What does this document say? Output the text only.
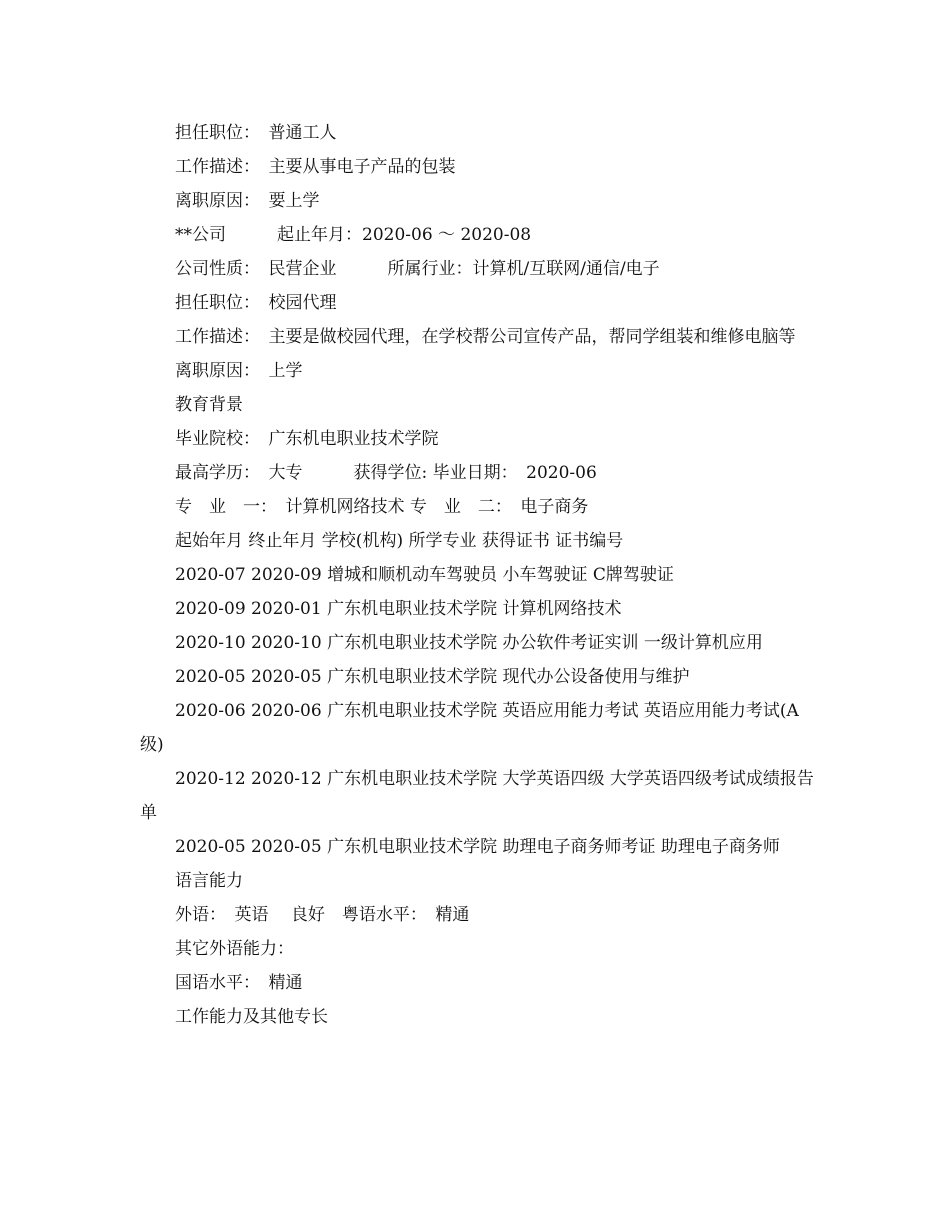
担任职位：　普通工人

工作描述：　主要从事电子产品的包装

离职原因：　要上学

**公司　　　起止年月：2020-06 ～ 2020-08

公司性质：　民营企业　　　所属行业：计算机/互联网/通信/电子

担任职位：　校园代理

工作描述：　主要是做校园代理，在学校帮公司宣传产品，帮同学组装和维修电脑等

离职原因：　上学

教育背景

毕业院校：　广东机电职业技术学院

最高学历：　大专　　　获得学位: 毕业日期：　2020-06

专　业　一：　计算机网络技术 专　业　二：　电子商务

起始年月 终止年月 学校(机构) 所学专业 获得证书 证书编号

2020-07 2020-09 增城和顺机动车驾驶员 小车驾驶证 C牌驾驶证

2020-09 2020-01 广东机电职业技术学院 计算机网络技术

2020-10 2020-10 广东机电职业技术学院 办公软件考证实训 一级计算机应用

2020-05 2020-05 广东机电职业技术学院 现代办公设备使用与维护

2020-06 2020-06 广东机电职业技术学院 英语应用能力考试 英语应用能力考试(A级)

2020-12 2020-12 广东机电职业技术学院 大学英语四级 大学英语四级考试成绩报告单

2020-05 2020-05 广东机电职业技术学院 助理电子商务师考证 助理电子商务师

语言能力

外语：　英语　 良好　粤语水平：　精通

其它外语能力：

国语水平：　精通

工作能力及其他专长
